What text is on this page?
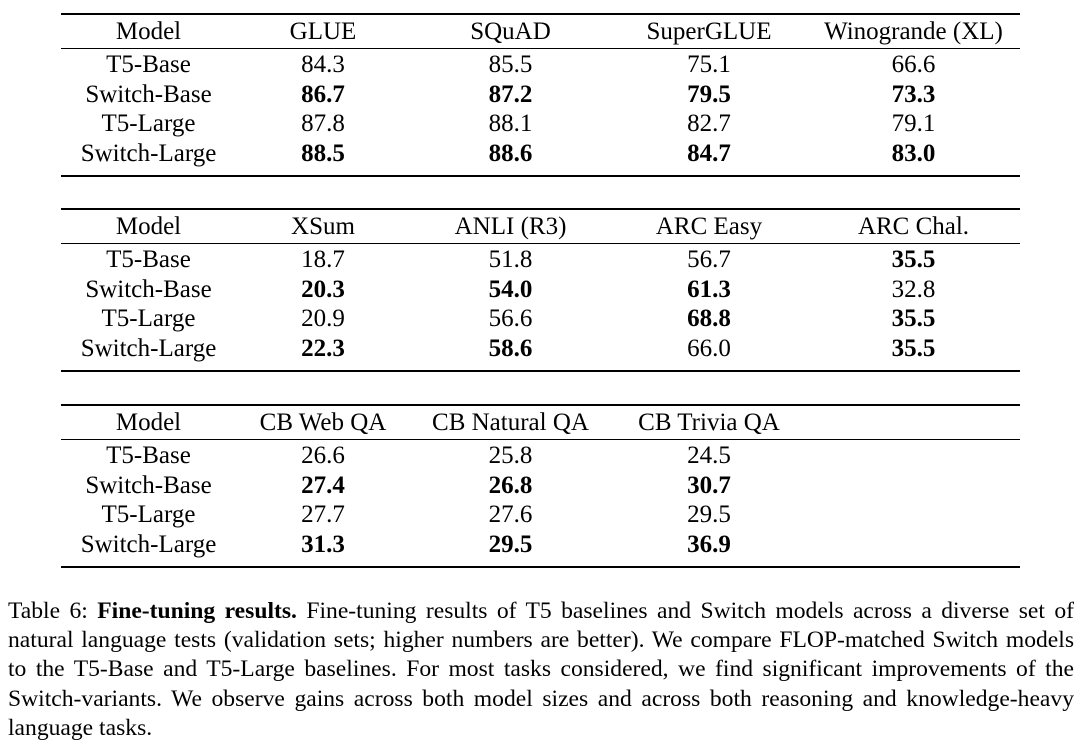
Model	GLUE	SQuAD	SuperGLUE	Winogrande (XL)
T5-Base	84.3	85.5	75.1	66.6
Switch-Base	86.7	87.2	79.5	73.3
T5-Large	87.8	88.1	82.7	79.1
Switch-Large	88.5	88.6	84.7	83.0
Model	XSum	ANLI (R3)	ARC Easy	ARC Chal.
T5-Base	18.7	51.8	56.7	35.5
Switch-Base	20.3	54.0	61.3	32.8
T5-Large	20.9	56.6	68.8	35.5
Switch-Large	22.3	58.6	66.0	35.5
Model	CB Web QA	CB Natural QA	CB Trivia QA
T5-Base	26.6	25.8	24.5
Switch-Base	27.4	26.8	30.7
T5-Large	27.7	27.6	29.5
Switch-Large	31.3	29.5	36.9
Table 6: Fine-tuning results. Fine-tuning results of T5 baselines and Switch models across a diverse set of natural language tests (validation sets; higher numbers are better). We compare FLOP-matched Switch models to the T5-Base and T5-Large baselines. For most tasks considered, we find significant improvements of the Switch-variants. We observe gains across both model sizes and across both reasoning and knowledge-heavy language tasks.
